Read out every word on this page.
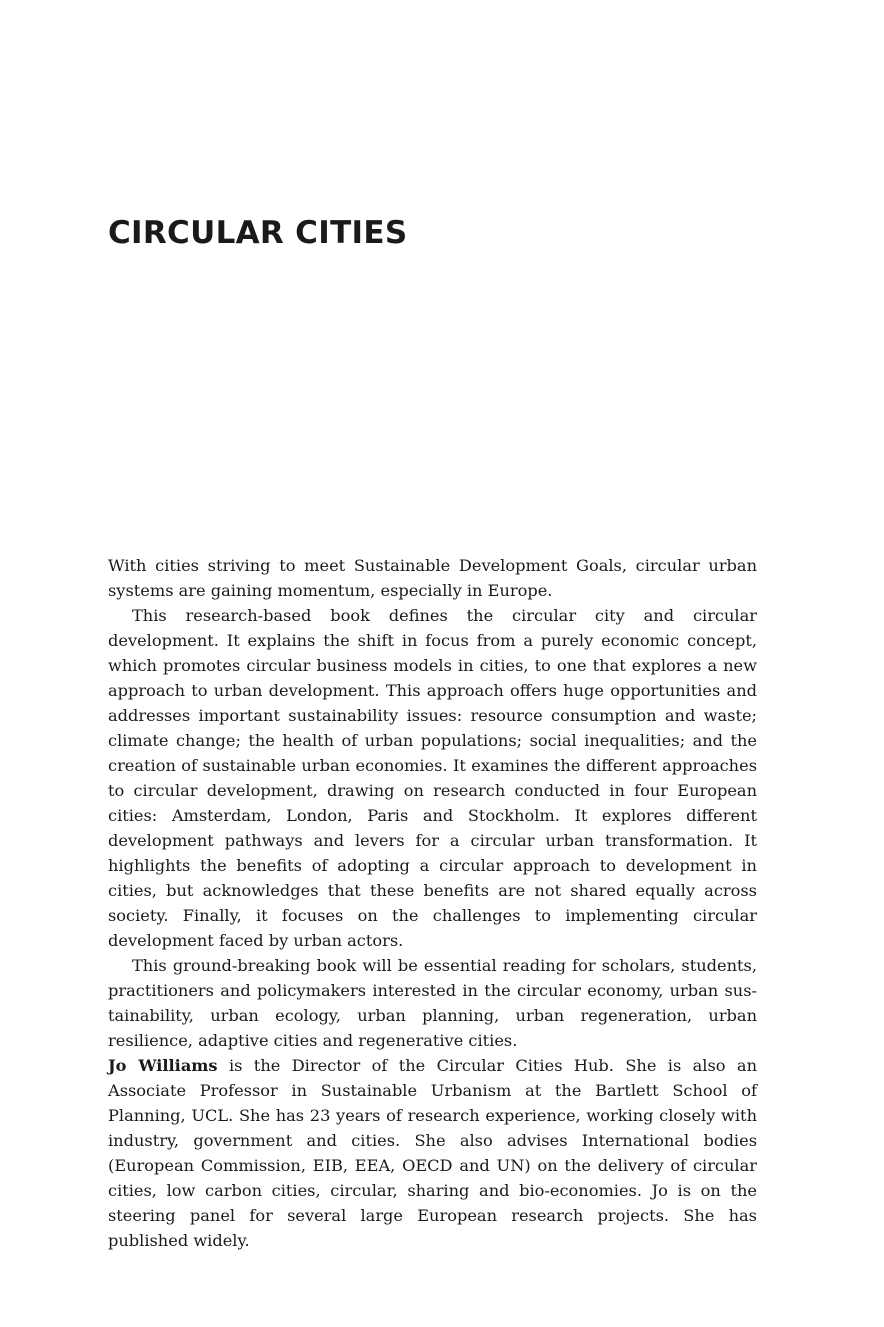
CIRCULAR CITIES

With cities striving to meet Sustainable Development Goals, circular urban systems are gaining momentum, especially in Europe.

This research-based book defines the circular city and circular development. It explains the shift in focus from a purely economic concept, which promotes circular business models in cities, to one that explores a new approach to urban development. This approach offers huge opportunities and addresses important sustainability issues: resource consumption and waste; climate change; the health of urban populations; social inequalities; and the creation of sustainable urban economies. It examines the different approaches to circular development, drawing on research conducted in four European cities: Amsterdam, London, Paris and Stockholm. It explores different development pathways and levers for a circular urban transformation. It highlights the benefits of adopting a circular approach to development in cities, but acknowledges that these benefits are not shared equally across society. Finally, it focuses on the challenges to implementing circular development faced by urban actors.

This ground-breaking book will be essential reading for scholars, students, practitioners and policymakers interested in the circular economy, urban sustainability, urban ecology, urban planning, urban regeneration, urban resilience, adaptive cities and regenerative cities.

Jo Williams is the Director of the Circular Cities Hub. She is also an Associate Professor in Sustainable Urbanism at the Bartlett School of Planning, UCL. She has 23 years of research experience, working closely with industry, government and cities. She also advises International bodies (European Commission, EIB, EEA, OECD and UN) on the delivery of circular cities, low carbon cities, circular, sharing and bio-economies. Jo is on the steering panel for several large European research projects. She has published widely.
